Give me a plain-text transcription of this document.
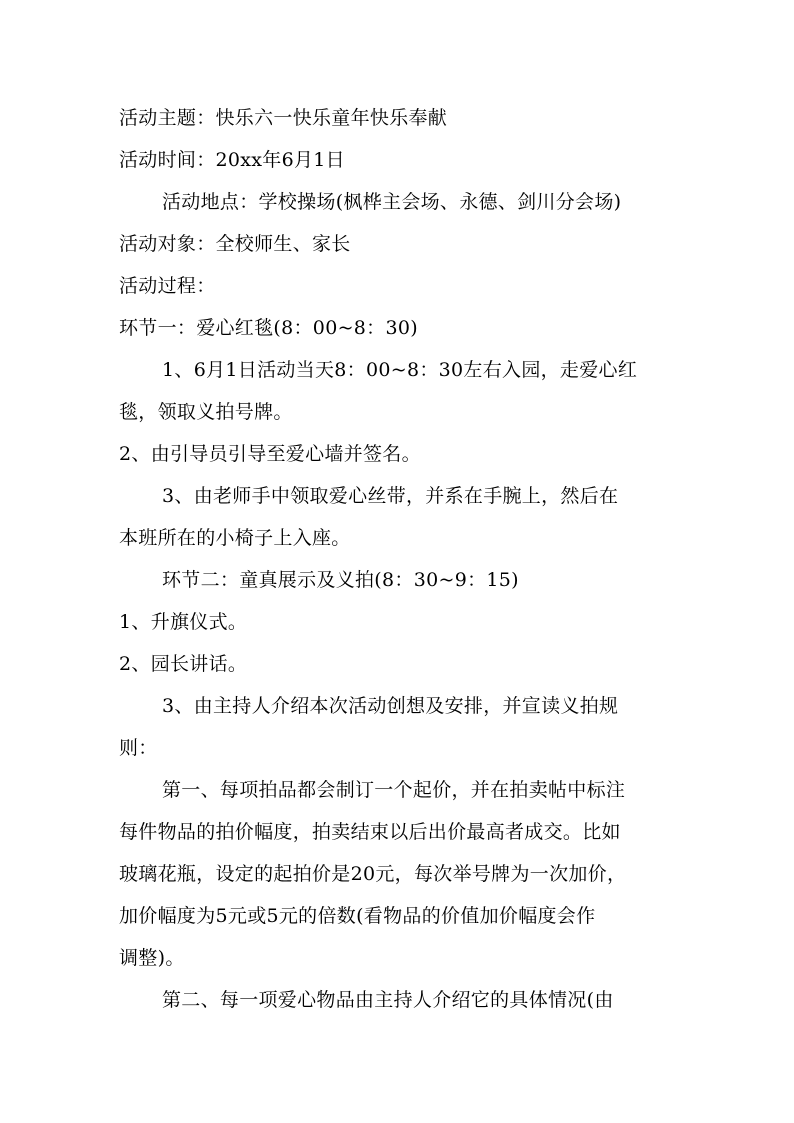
活动主题：快乐六一快乐童年快乐奉献
活动时间：20xx年6月1日
活动地点：学校操场(枫桦主会场、永德、剑川分会场)
活动对象：全校师生、家长
活动过程：
环节一：爱心红毯(8：00~8：30)
1、6月1日活动当天8：00~8：30左右入园，走爱心红
毯，领取义拍号牌。
2、由引导员引导至爱心墙并签名。
3、由老师手中领取爱心丝带，并系在手腕上，然后在
本班所在的小椅子上入座。
环节二：童真展示及义拍(8：30~9：15)
1、升旗仪式。
2、园长讲话。
3、由主持人介绍本次活动创想及安排，并宣读义拍规
则：
第一、每项拍品都会制订一个起价，并在拍卖帖中标注
每件物品的拍价幅度，拍卖结束以后出价最高者成交。比如
玻璃花瓶，设定的起拍价是20元，每次举号牌为一次加价，
加价幅度为5元或5元的倍数(看物品的价值加价幅度会作
调整)。
第二、每一项爱心物品由主持人介绍它的具体情况(由
